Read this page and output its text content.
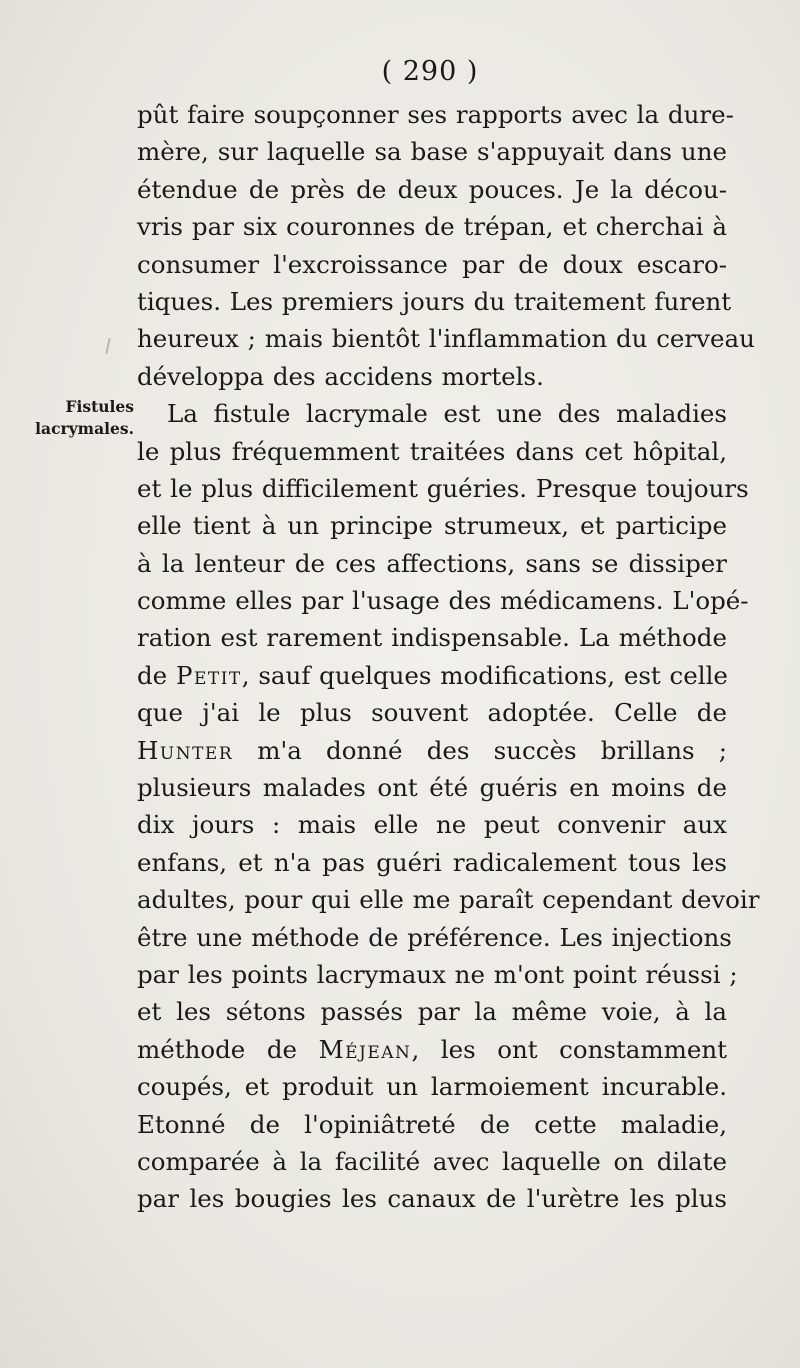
( 290 )
Fistules
lacrymales.
pût faire soupçonner ses rapports avec la dure-
mère, sur laquelle sa base s'appuyait dans une
étendue de près de deux pouces. Je la décou-
vris par six couronnes de trépan, et cherchai à
consumer l'excroissance par de doux escaro-
tiques. Les premiers jours du traitement furent
heureux ; mais bientôt l'inflammation du cerveau
développa des accidens mortels.
La fistule lacrymale est une des maladies
le plus fréquemment traitées dans cet hôpital,
et le plus difficilement guéries. Presque toujours
elle tient à un principe strumeux, et participe
à la lenteur de ces affections, sans se dissiper
comme elles par l'usage des médicamens. L'opé-
ration est rarement indispensable. La méthode
de Petit, sauf quelques modifications, est celle
que j'ai le plus souvent adoptée. Celle de
Hunter m'a donné des succès brillans ;
plusieurs malades ont été guéris en moins de
dix jours : mais elle ne peut convenir aux
enfans, et n'a pas guéri radicalement tous les
adultes, pour qui elle me paraît cependant devoir
être une méthode de préférence. Les injections
par les points lacrymaux ne m'ont point réussi ;
et les sétons passés par la même voie, à la
méthode de Méjean, les ont constamment
coupés, et produit un larmoiement incurable.
Etonné de l'opiniâtreté de cette maladie,
comparée à la facilité avec laquelle on dilate
par les bougies les canaux de l'urètre les plus
